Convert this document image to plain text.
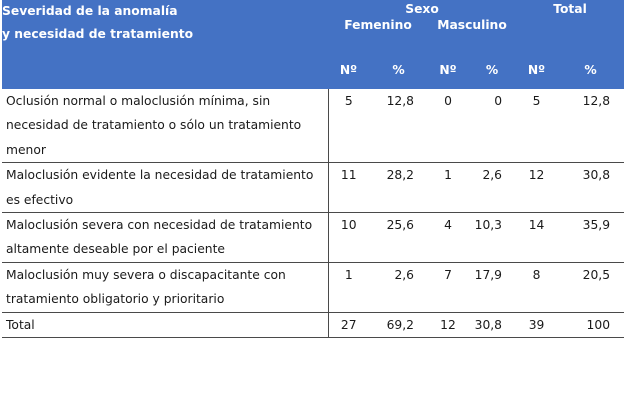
Severidad de la anomalía
y necesidad de tratamiento	Sexo				Total	
	Femenino		Masculino			
	Nº	%	Nº	%	Nº	%
Oclusión normal o maloclusión mínima, sin necesidad de tratamiento o sólo un tratamiento menor	5	12,8	0	0	5	12,8
Maloclusión evidente la necesidad de tratamiento es efectivo	11	28,2	1	2,6	12	30,8
Maloclusión severa con necesidad de tratamiento altamente deseable por el paciente	10	25,6	4	10,3	14	35,9
Maloclusión muy severa o discapacitante con tratamiento obligatorio y prioritario	1	2,6	7	17,9	8	20,5
Total	27	69,2	12	30,8	39	100
